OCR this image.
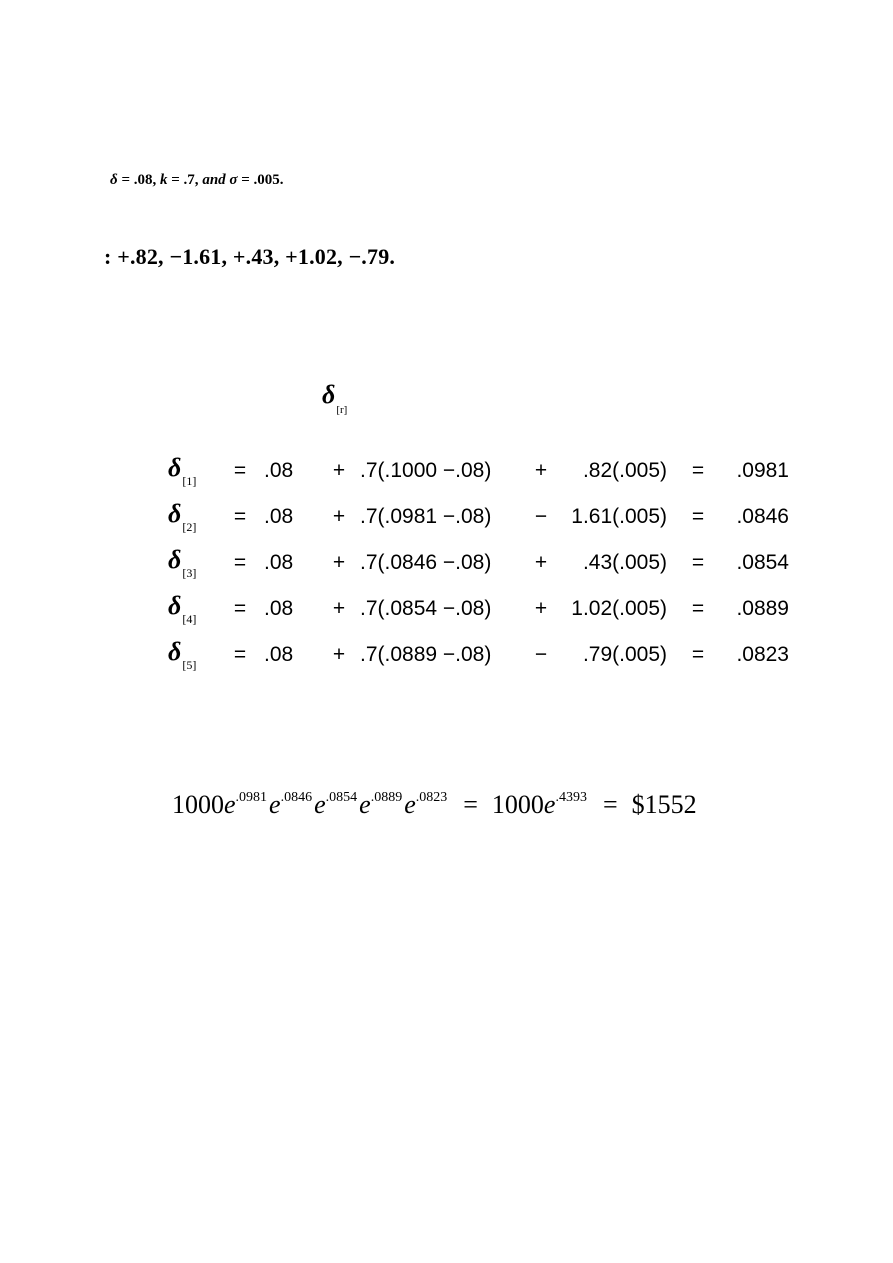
δ = .08, k = .7, and σ = .005.
: +.82, −1.61, +.43, +1.02, −.79.
$\delta_{[r]}$
$\delta_{[1]}$	=	.08	+	.7(.1000 −.08)	+	.82(.005)	=	.0981
$\delta_{[2]}$	=	.08	+	.7(.0981 −.08)	−	1.61(.005)	=	.0846
$\delta_{[3]}$	=	.08	+	.7(.0846 −.08)	+	.43(.005)	=	.0854
$\delta_{[4]}$	=	.08	+	.7(.0854 −.08)	+	1.02(.005)	=	.0889
$\delta_{[5]}$	=	.08	+	.7(.0889 −.08)	−	.79(.005)	=	.0823
$1000e^{.0981}e^{.0846}e^{.0854}e^{.0889}e^{.0823} = 1000e^{.4393}$ = $1552
